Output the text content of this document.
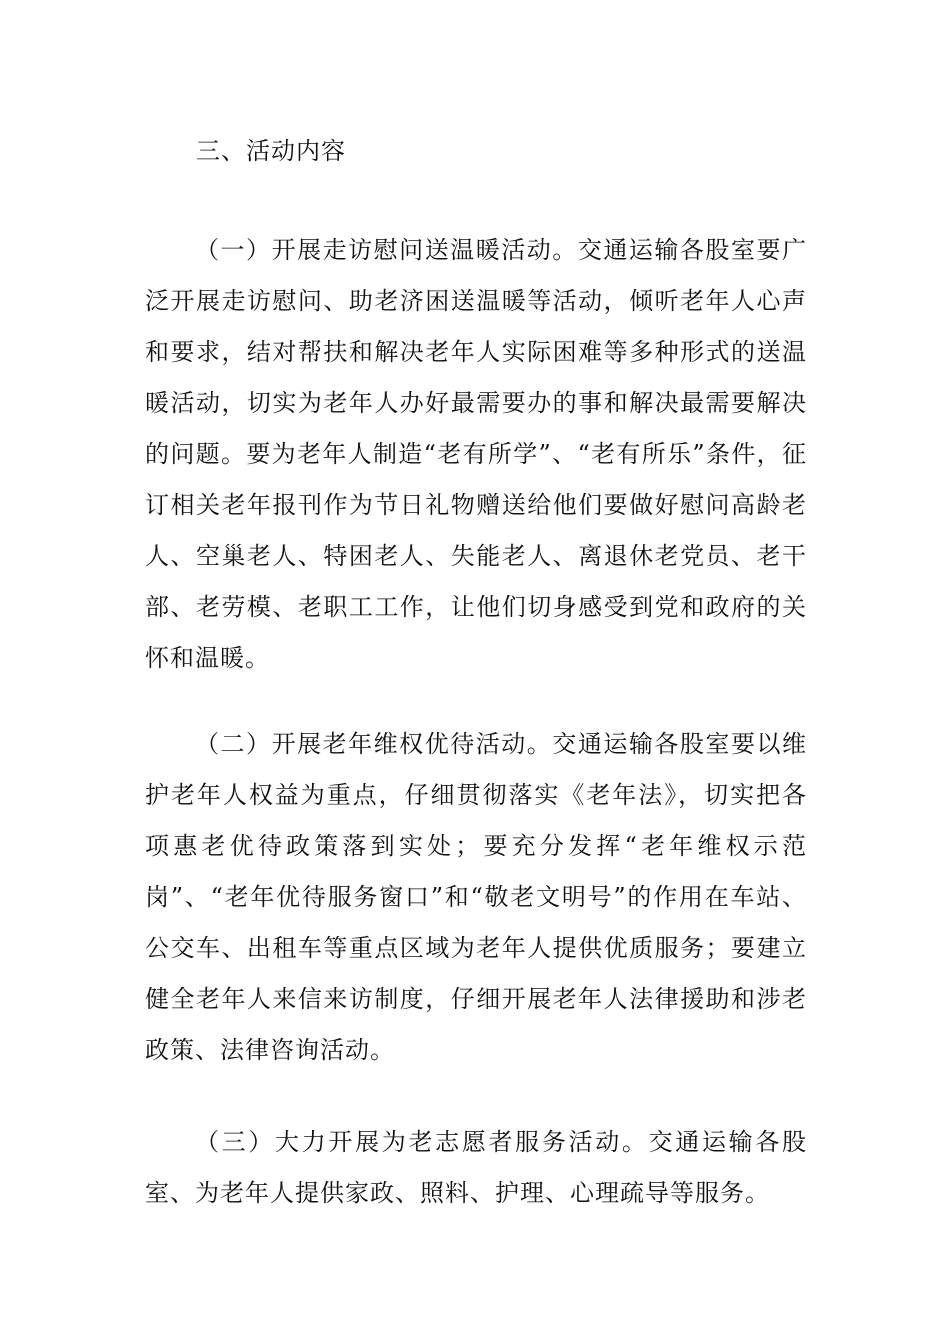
三、活动内容

（一）开展走访慰问送温暖活动。交通运输各股室要广泛开展走访慰问、助老济困送温暖等活动，倾听老年人心声和要求，结对帮扶和解决老年人实际困难等多种形式的送温暖活动，切实为老年人办好最需要办的事和解决最需要解决的问题。要为老年人制造“老有所学”、“老有所乐”条件，征订相关老年报刊作为节日礼物赠送给他们要做好慰问高龄老人、空巢老人、特困老人、失能老人、离退休老党员、老干部、老劳模、老职工工作，让他们切身感受到党和政府的关怀和温暖。

（二）开展老年维权优待活动。交通运输各股室要以维护老年人权益为重点，仔细贯彻落实《老年法》，切实把各项惠老优待政策落到实处；要充分发挥“老年维权示范岗”、“老年优待服务窗口”和“敬老文明号”的作用在车站、公交车、出租车等重点区域为老年人提供优质服务；要建立健全老年人来信来访制度，仔细开展老年人法律援助和涉老政策、法律咨询活动。

（三）大力开展为老志愿者服务活动。交通运输各股室、为老年人提供家政、照料、护理、心理疏导等服务。
